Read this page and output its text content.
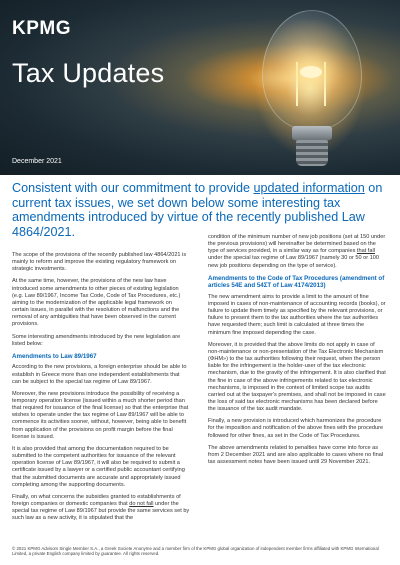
KPMG
Tax Updates
December 2021
Consistent with our commitment to provide updated information on current tax issues, we set down below some interesting tax amendments introduced by virtue of the recently published Law 4864/2021.

The scope of the provisions of the recently published law 4864/2021 is mainly to reform and improve the existing regulatory framework on strategic investments.

At the same time, however, the provisions of the new law have introduced some amendments to other pieces of existing legislation (e.g. Law 89/1967, Income Tax Code, Code of Tax Procedures, etc.) aiming to the modernization of the applicable legal framework on certain issues, in parallel with the resolution of malfunctions and the removal of any ambiguities that have been observed in the current provisions.

Some interesting amendments introduced by the new legislation are listed below:

Amendments to Law 89/1967

According to the new provisions, a foreign enterprise should be able to establish in Greece more than one independent establishments that can be subject to the special tax regime of Law 89/1967.

Moreover, the new provisions introduce the possibility of receiving a temporary operation license (issued within a much shorter period than that required for issuance of the final license) so that the enterprise that wishes to operate under the tax regime of Law 89/1967 will be able to commence its activities sooner, without, however, being able to benefit from application of the provisions on profit margin before the final license is issued.

It is also provided that among the documentation required to be submitted to the competent authorities for issuance of the relevant operation license of Law 89/1967, it will also be required to submit a certificate issued by a lawyer or a certified public accountant certifying that the submitted documents are accurate and appropriately issued completing among the supporting documents.

Finally, on what concerns the subsidies granted to establishments of foreign companies or domestic companies that do not fall under the special tax regime of Law 89/1967 but provide the same services set by such law as a new activity, it is stipulated that the

condition of the minimum number of new job positions (set at 150 under the previous provisions) will hereinafter be determined based on the type of services provided, in a similar way as for companies that fall under the special tax regime of Law 89/1967 (namely 30 or 50 or 100 new job positions depending on the type of service).

Amendments to the Code of Tax Procedures (amendment of articles 54E and 54ΣΤ of Law 4174/2013)

The new amendment aims to provide a limit to the amount of fine imposed in cases of non-maintenance of accounting records (books), or failure to update them timely as specified by the relevant provisions, or failure to present them to the tax authorities where the tax authorities have requested them; such limit is calculated at three times the minimum fine imposed depending the case.

Moreover, it is provided that the above limits do not apply in case of non-maintenance or non-presentation of the Tax Electronic Mechanism (ΦΗΜ») to the tax authorities following their request, when the person liable for the infringement is the holder-user of the tax electronic mechanism, due to the gravity of the infringement. It is also clarified that the fine in case of the above infringements related to tax electronic mechanisms, is imposed in the context of limited scope tax audits carried out at the taxpayer's premises, and shall not be imposed in case the loss of said tax electronic mechanisms has been declared before the issuance of the tax audit mandate.

Finally, a new provision is introduced which harmonizes the procedure for the imposition and notification of the above fines with the procedure followed for other fines, as set in the Code of Tax Procedures.

The above amendments related to penalties have come into force as from 2 December 2021 and are also applicable to cases where no final tax assessment notes have been issued until 29 November 2021.

© 2021 KPMG Advisors Single Member S.A., a Greek Societe Anonyme and a member firm of the KPMG global organization of independent member firms affiliated with KPMG International Limited, a private English company limited by guarantee. All rights reserved.
